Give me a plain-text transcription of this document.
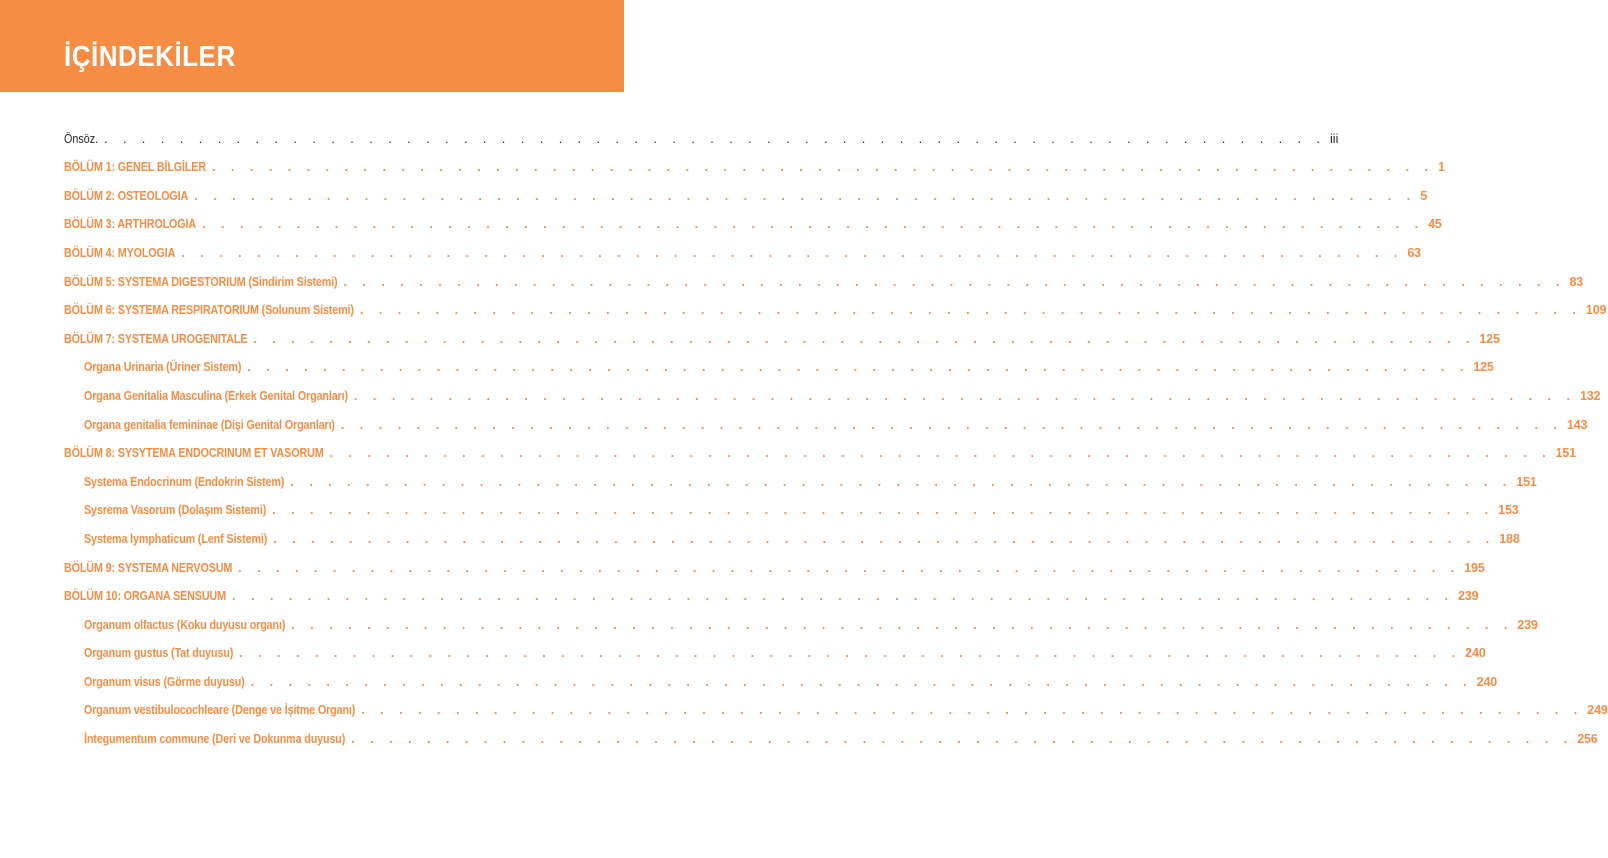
İÇİNDEKİLER
Önsöz. . . . . . . . . . . . . . . . . . . . . . . . . . . . . . . . . . . . . . . . . . . . . . . . . . . . . . . . . . . . . . . . . . iii
BÖLÜM 1: GENEL BİLGİLER . . . . . . . . . . . . . . . . . . . . . . . . . . . . . . . . . . . . . . . . . . . . . . . . . . . . . . . . . . . . . . . . . 1
BÖLÜM 2: OSTEOLOGIA . . . . . . . . . . . . . . . . . . . . . . . . . . . . . . . . . . . . . . . . . . . . . . . . . . . . . . . . . . . . . . . . . 5
BÖLÜM 3: ARTHROLOGIA . . . . . . . . . . . . . . . . . . . . . . . . . . . . . . . . . . . . . . . . . . . . . . . . . . . . . . . . . . . . . . . . . 45
BÖLÜM 4: MYOLOGIA . . . . . . . . . . . . . . . . . . . . . . . . . . . . . . . . . . . . . . . . . . . . . . . . . . . . . . . . . . . . . . . . . 63
BÖLÜM 5: SYSTEMA DIGESTORIUM (Sindirim Sistemi) . . . . . . . . . . . . . . . . . . . . . . . . . . . . . . . . . . . . . . . . . . . . . . . . . . . . . . . . . . . . . . . . . 83
BÖLÜM 6: SYSTEMA RESPIRATORIUM (Solunum Sistemi) . . . . . . . . . . . . . . . . . . . . . . . . . . . . . . . . . . . . . . . . . . . . . . . . . . . . . . . . . . . . . . . . . 109
BÖLÜM 7: SYSTEMA UROGENITALE . . . . . . . . . . . . . . . . . . . . . . . . . . . . . . . . . . . . . . . . . . . . . . . . . . . . . . . . . . . . . . . . . 125
Organa Urinaria (Üriner Sistem) . . . . . . . . . . . . . . . . . . . . . . . . . . . . . . . . . . . . . . . . . . . . . . . . . . . . . . . . . . . . . . . . . 125
Organa Genitalia Masculina (Erkek Genital Organları) . . . . . . . . . . . . . . . . . . . . . . . . . . . . . . . . . . . . . . . . . . . . . . . . . . . . . . . . . . . . . . . . . 132
Organa genitalia femininae (Dişi Genital Organları) . . . . . . . . . . . . . . . . . . . . . . . . . . . . . . . . . . . . . . . . . . . . . . . . . . . . . . . . . . . . . . . . . 143
BÖLÜM 8: SYSYTEMA ENDOCRINUM ET VASORUM . . . . . . . . . . . . . . . . . . . . . . . . . . . . . . . . . . . . . . . . . . . . . . . . . . . . . . . . . . . . . . . . . 151
Systema Endocrinum (Endokrin Sistem) . . . . . . . . . . . . . . . . . . . . . . . . . . . . . . . . . . . . . . . . . . . . . . . . . . . . . . . . . . . . . . . . . 151
Sysrema Vasorum (Dolaşım Sistemi) . . . . . . . . . . . . . . . . . . . . . . . . . . . . . . . . . . . . . . . . . . . . . . . . . . . . . . . . . . . . . . . . . 153
Systema lymphaticum (Lenf Sistemi) . . . . . . . . . . . . . . . . . . . . . . . . . . . . . . . . . . . . . . . . . . . . . . . . . . . . . . . . . . . . . . . . . 188
BÖLÜM 9: SYSTEMA NERVOSUM . . . . . . . . . . . . . . . . . . . . . . . . . . . . . . . . . . . . . . . . . . . . . . . . . . . . . . . . . . . . . . . . . 195
BÖLÜM 10: ORGANA SENSUUM . . . . . . . . . . . . . . . . . . . . . . . . . . . . . . . . . . . . . . . . . . . . . . . . . . . . . . . . . . . . . . . . . 239
Organum olfactus (Koku duyusu organı) . . . . . . . . . . . . . . . . . . . . . . . . . . . . . . . . . . . . . . . . . . . . . . . . . . . . . . . . . . . . . . . . . 239
Organum gustus (Tat duyusu) . . . . . . . . . . . . . . . . . . . . . . . . . . . . . . . . . . . . . . . . . . . . . . . . . . . . . . . . . . . . . . . . . 240
Organum visus (Görme duyusu) . . . . . . . . . . . . . . . . . . . . . . . . . . . . . . . . . . . . . . . . . . . . . . . . . . . . . . . . . . . . . . . . . 240
Organum vestibulocochleare (Denge ve İşitme Organı) . . . . . . . . . . . . . . . . . . . . . . . . . . . . . . . . . . . . . . . . . . . . . . . . . . . . . . . . . . . . . . . . . 249
İntegumentum commune (Deri ve Dokunma duyusu) . . . . . . . . . . . . . . . . . . . . . . . . . . . . . . . . . . . . . . . . . . . . . . . . . . . . . . . . . . . . . . . . . 256
